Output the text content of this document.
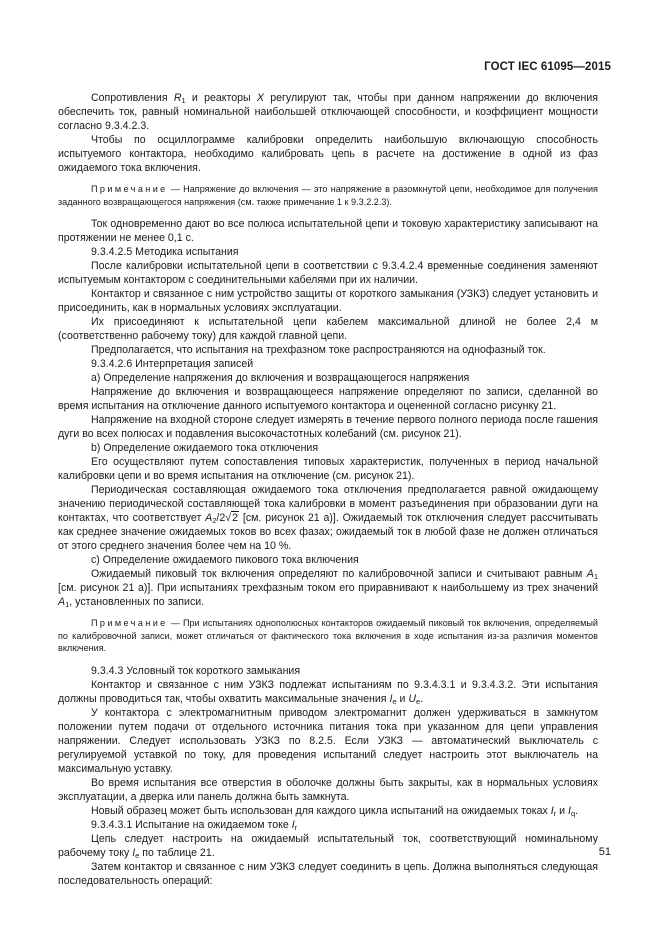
ГОСТ IEC 61095—2015

Сопротивления $R_1$ и реакторы X регулируют так, чтобы при данном напряжении до включения обеспечить ток, равный номинальной наибольшей отключающей способности, и коэффициент мощности согласно 9.3.4.2.3.

Чтобы по осциллограмме калибровки определить наибольшую включающую способность испытуемого контактора, необходимо калибровать цепь в расчете на достижение в одной из фаз ожидаемого тока включения.

Примечание — Напряжение до включения — это напряжение в разомкнутой цепи, необходимое для получения заданного возвращающегося напряжения (см. также примечание 1 к 9.3.2.2.3).

Ток одновременно дают во все полюса испытательной цепи и токовую характеристику записывают на протяжении не менее 0,1 с.

9.3.4.2.5 Методика испытания

После калибровки испытательной цепи в соответствии с 9.3.4.2.4 временные соединения заменяют испытуемым контактором с соединительными кабелями при их наличии.

Контактор и связанное с ним устройство защиты от короткого замыкания (УЗКЗ) следует установить и присоединить, как в нормальных условиях эксплуатации.

Их присоединяют к испытательной цепи кабелем максимальной длиной не более 2,4 м (соответственно рабочему току) для каждой главной цепи.

Предполагается, что испытания на трехфазном токе распространяются на однофазный ток.

9.3.4.2.6 Интерпретация записей

a) Определение напряжения до включения и возвращающегося напряжения

Напряжение до включения и возвращающееся напряжение определяют по записи, сделанной во время испытания на отключение данного испытуемого контактора и оцененной согласно рисунку 21.

Напряжение на входной стороне следует измерять в течение первого полного периода после гашения дуги во всех полюсах и подавления высокочастотных колебаний (см. рисунок 21).

b) Определение ожидаемого тока отключения

Его осуществляют путем сопоставления типовых характеристик, полученных в период начальной калибровки цепи и во время испытания на отключение (см. рисунок 21).

Периодическая составляющая ожидаемого тока отключения предполагается равной ожидающему значению периодической составляющей тока калибровки в момент разъединения при образовании дуги на контактах, что соответствует $A_2/2√2$ [см. рисунок 21 а)]. Ожидаемый ток отключения следует рассчитывать как среднее значение ожидаемых токов во всех фазах; ожидаемый ток в любой фазе не должен отличаться от этого среднего значения более чем на 10 %.

c) Определение ожидаемого пикового тока включения

Ожидаемый пиковый ток включения определяют по калибровочной записи и считывают равным $A_1$ [см. рисунок 21 а)]. При испытаниях трехфазным током его приравнивают к наибольшему из трех значений $A_1$, установленных по записи.

Примечание — При испытаниях однополюсных контакторов ожидаемый пиковый ток включения, определяемый по калибровочной записи, может отличаться от фактического тока включения в ходе испытания из-за различия моментов включения.

9.3.4.3 Условный ток короткого замыкания

Контактор и связанное с ним УЗКЗ подлежат испытаниям по 9.3.4.3.1 и 9.3.4.3.2. Эти испытания должны проводиться так, чтобы охватить максимальные значения $I_e$ и $U_e$.

У контактора с электромагнитным приводом электромагнит должен удерживаться в замкнутом положении путем подачи от отдельного источника питания тока при указанном для цепи управления напряжении. Следует использовать УЗКЗ по 8.2.5. Если УЗКЗ — автоматический выключатель с регулируемой уставкой по току, для проведения испытаний следует настроить этот выключатель на максимальную уставку.

Во время испытания все отверстия в оболочке должны быть закрыты, как в нормальных условиях эксплуатации, а дверка или панель должна быть замкнута.

Новый образец может быть использован для каждого цикла испытаний на ожидаемых токах $I_r$ и $I_q$.

9.3.4.3.1 Испытание на ожидаемом токе $I_r$

Цепь следует настроить на ожидаемый испытательный ток, соответствующий номинальному рабочему току $I_e$ по таблице 21.

Затем контактор и связанное с ним УЗКЗ следует соединить в цепь. Должна выполняться следующая последовательность операций:

51
